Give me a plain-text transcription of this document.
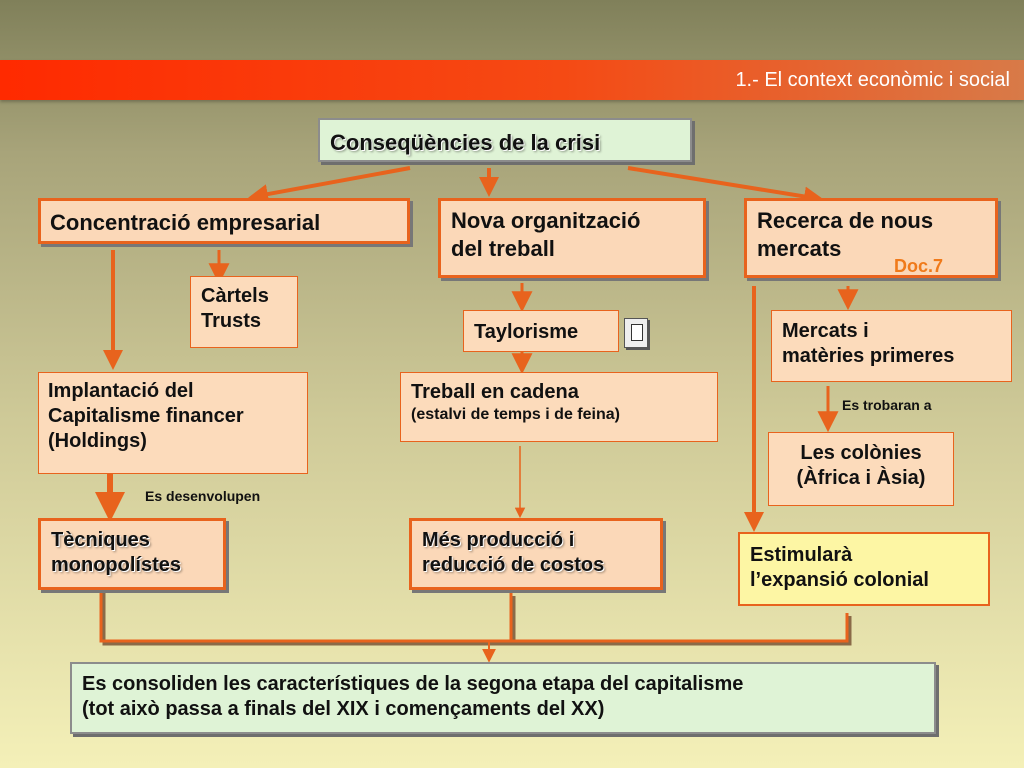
1.- El context econòmic i social
Conseqüències de la crisi
Concentració empresarial	Nova organització
del treball
Recerca de nous
mercats
Doc.7
Càrtels
Trusts
Implantació del
Capitalisme financer
(Holdings)
Es desenvolupen
Tècniques
monopolístes
Taylorisme
Treball en cadena
(estalvi de temps i de feina)
Més producció i
reducció de costos
Mercats i
matèries primeres
Es trobaran a
Les colònies
(Àfrica i Àsia)
Estimularà
l’expansió colonial
Es consoliden les característiques de la segona etapa del capitalisme
(tot això passa a finals del XIX i començaments del XX)
